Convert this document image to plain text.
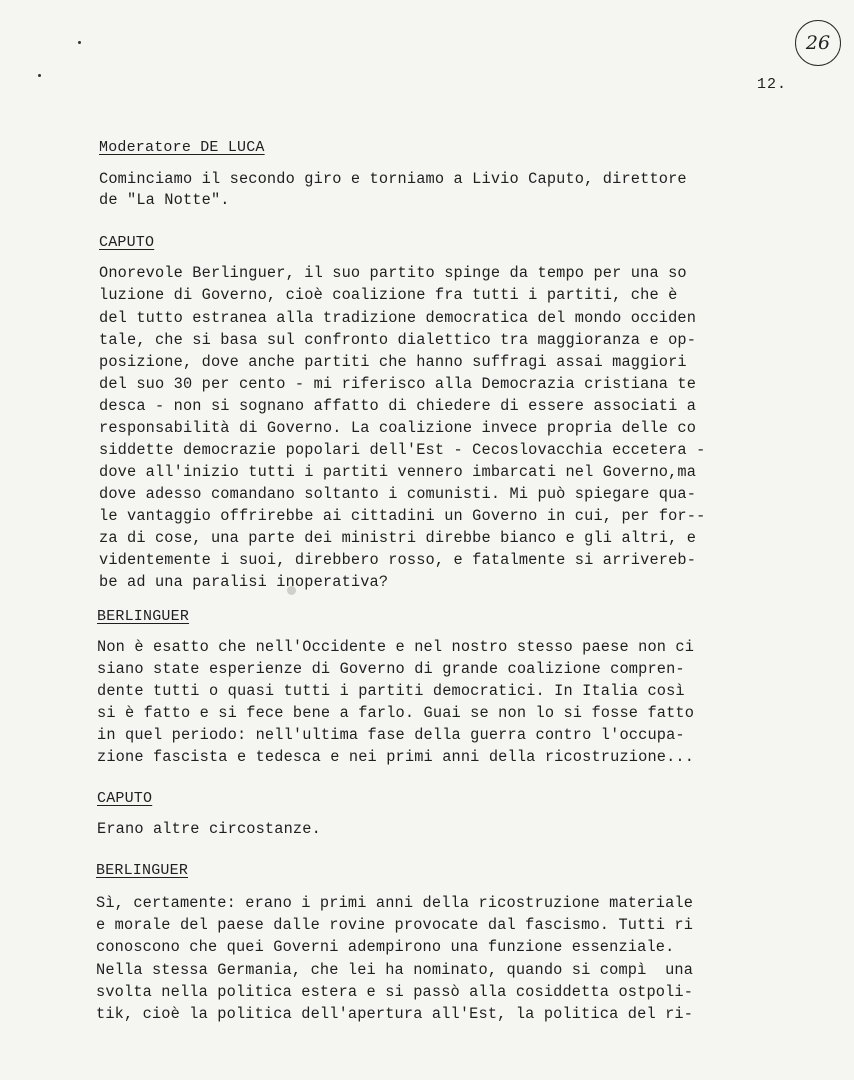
26
12.
Moderatore DE LUCA
Cominciamo il secondo giro e torniamo a Livio Caputo, direttore
de "La Notte".
CAPUTO
Onorevole Berlinguer, il suo partito spinge da tempo per una so
luzione di Governo, cioè coalizione fra tutti i partiti, che è
del tutto estranea alla tradizione democratica del mondo occiden
tale, che si basa sul confronto dialettico tra maggioranza e op-
posizione, dove anche partiti che hanno suffragi assai maggiori
del suo 30 per cento - mi riferisco alla Democrazia cristiana te
desca - non si sognano affatto di chiedere di essere associati a
responsabilità di Governo. La coalizione invece propria delle co
siddette democrazie popolari dell'Est - Cecoslovacchia eccetera -
dove all'inizio tutti i partiti vennero imbarcati nel Governo,ma
dove adesso comandano soltanto i comunisti. Mi può spiegare qua-
le vantaggio offrirebbe ai cittadini un Governo in cui, per for--
za di cose, una parte dei ministri direbbe bianco e gli altri, e
videntemente i suoi, direbbero rosso, e fatalmente si arrivereb-
be ad una paralisi inoperativa?
BERLINGUER
Non è esatto che nell'Occidente e nel nostro stesso paese non ci
siano state esperienze di Governo di grande coalizione compren-
dente tutti o quasi tutti i partiti democratici. In Italia così
si è fatto e si fece bene a farlo. Guai se non lo si fosse fatto
in quel periodo: nell'ultima fase della guerra contro l'occupa-
zione fascista e tedesca e nei primi anni della ricostruzione...
CAPUTO
Erano altre circostanze.
BERLINGUER
Sì, certamente: erano i primi anni della ricostruzione materiale
e morale del paese dalle rovine provocate dal fascismo. Tutti ri
conoscono che quei Governi adempirono una funzione essenziale.
Nella stessa Germania, che lei ha nominato, quando si compì  una
svolta nella politica estera e si passò alla cosiddetta ostpoli-
tik, cioè la politica dell'apertura all'Est, la politica del ri-
